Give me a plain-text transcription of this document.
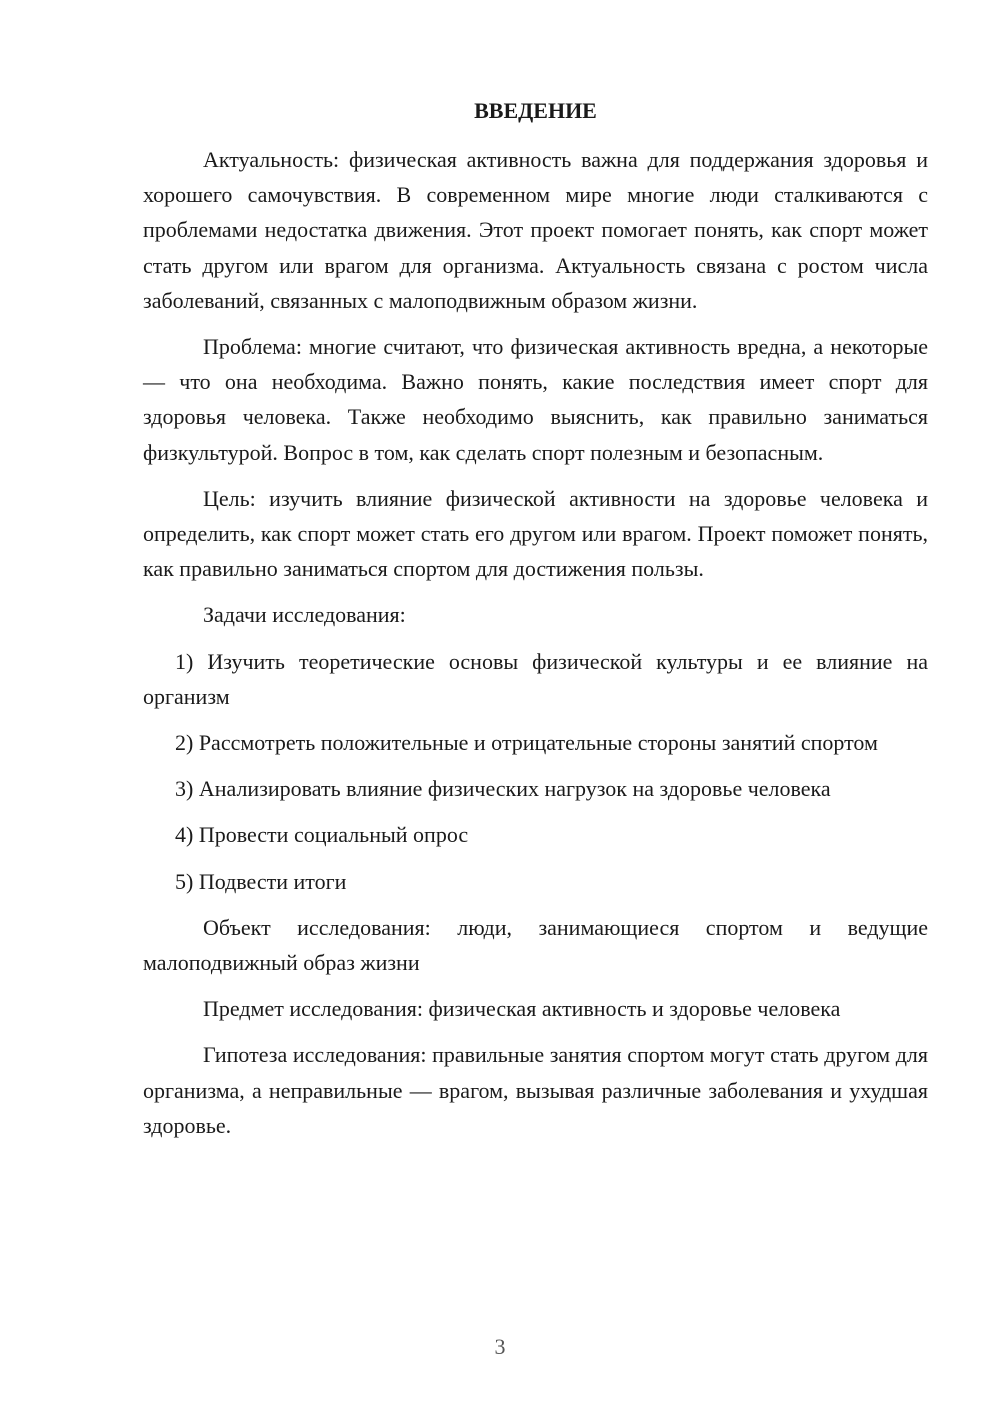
ВВЕДЕНИЕ

Актуальность: физическая активность важна для поддержания здоровья и хорошего самочувствия. В современном мире многие люди сталкиваются с проблемами недостатка движения. Этот проект помогает понять, как спорт может стать другом или врагом для организма. Актуальность связана с ростом числа заболеваний, связанных с малоподвижным образом жизни.

Проблема: многие считают, что физическая активность вредна, а некоторые — что она необходима. Важно понять, какие последствия имеет спорт для здоровья человека. Также необходимо выяснить, как правильно заниматься физкультурой. Вопрос в том, как сделать спорт полезным и безопасным.

Цель: изучить влияние физической активности на здоровье человека и определить, как спорт может стать его другом или врагом. Проект поможет понять, как правильно заниматься спортом для достижения пользы.

Задачи исследования:

1) Изучить теоретические основы физической культуры и ее влияние на организм

2) Рассмотреть положительные и отрицательные стороны занятий спортом

3) Анализировать влияние физических нагрузок на здоровье человека

4) Провести социальный опрос

5) Подвести итоги

Объект исследования: люди, занимающиеся спортом и ведущие малоподвижный образ жизни

Предмет исследования: физическая активность и здоровье человека

Гипотеза исследования: правильные занятия спортом могут стать другом для организма, а неправильные — врагом, вызывая различные заболевания и ухудшая здоровье.

3
